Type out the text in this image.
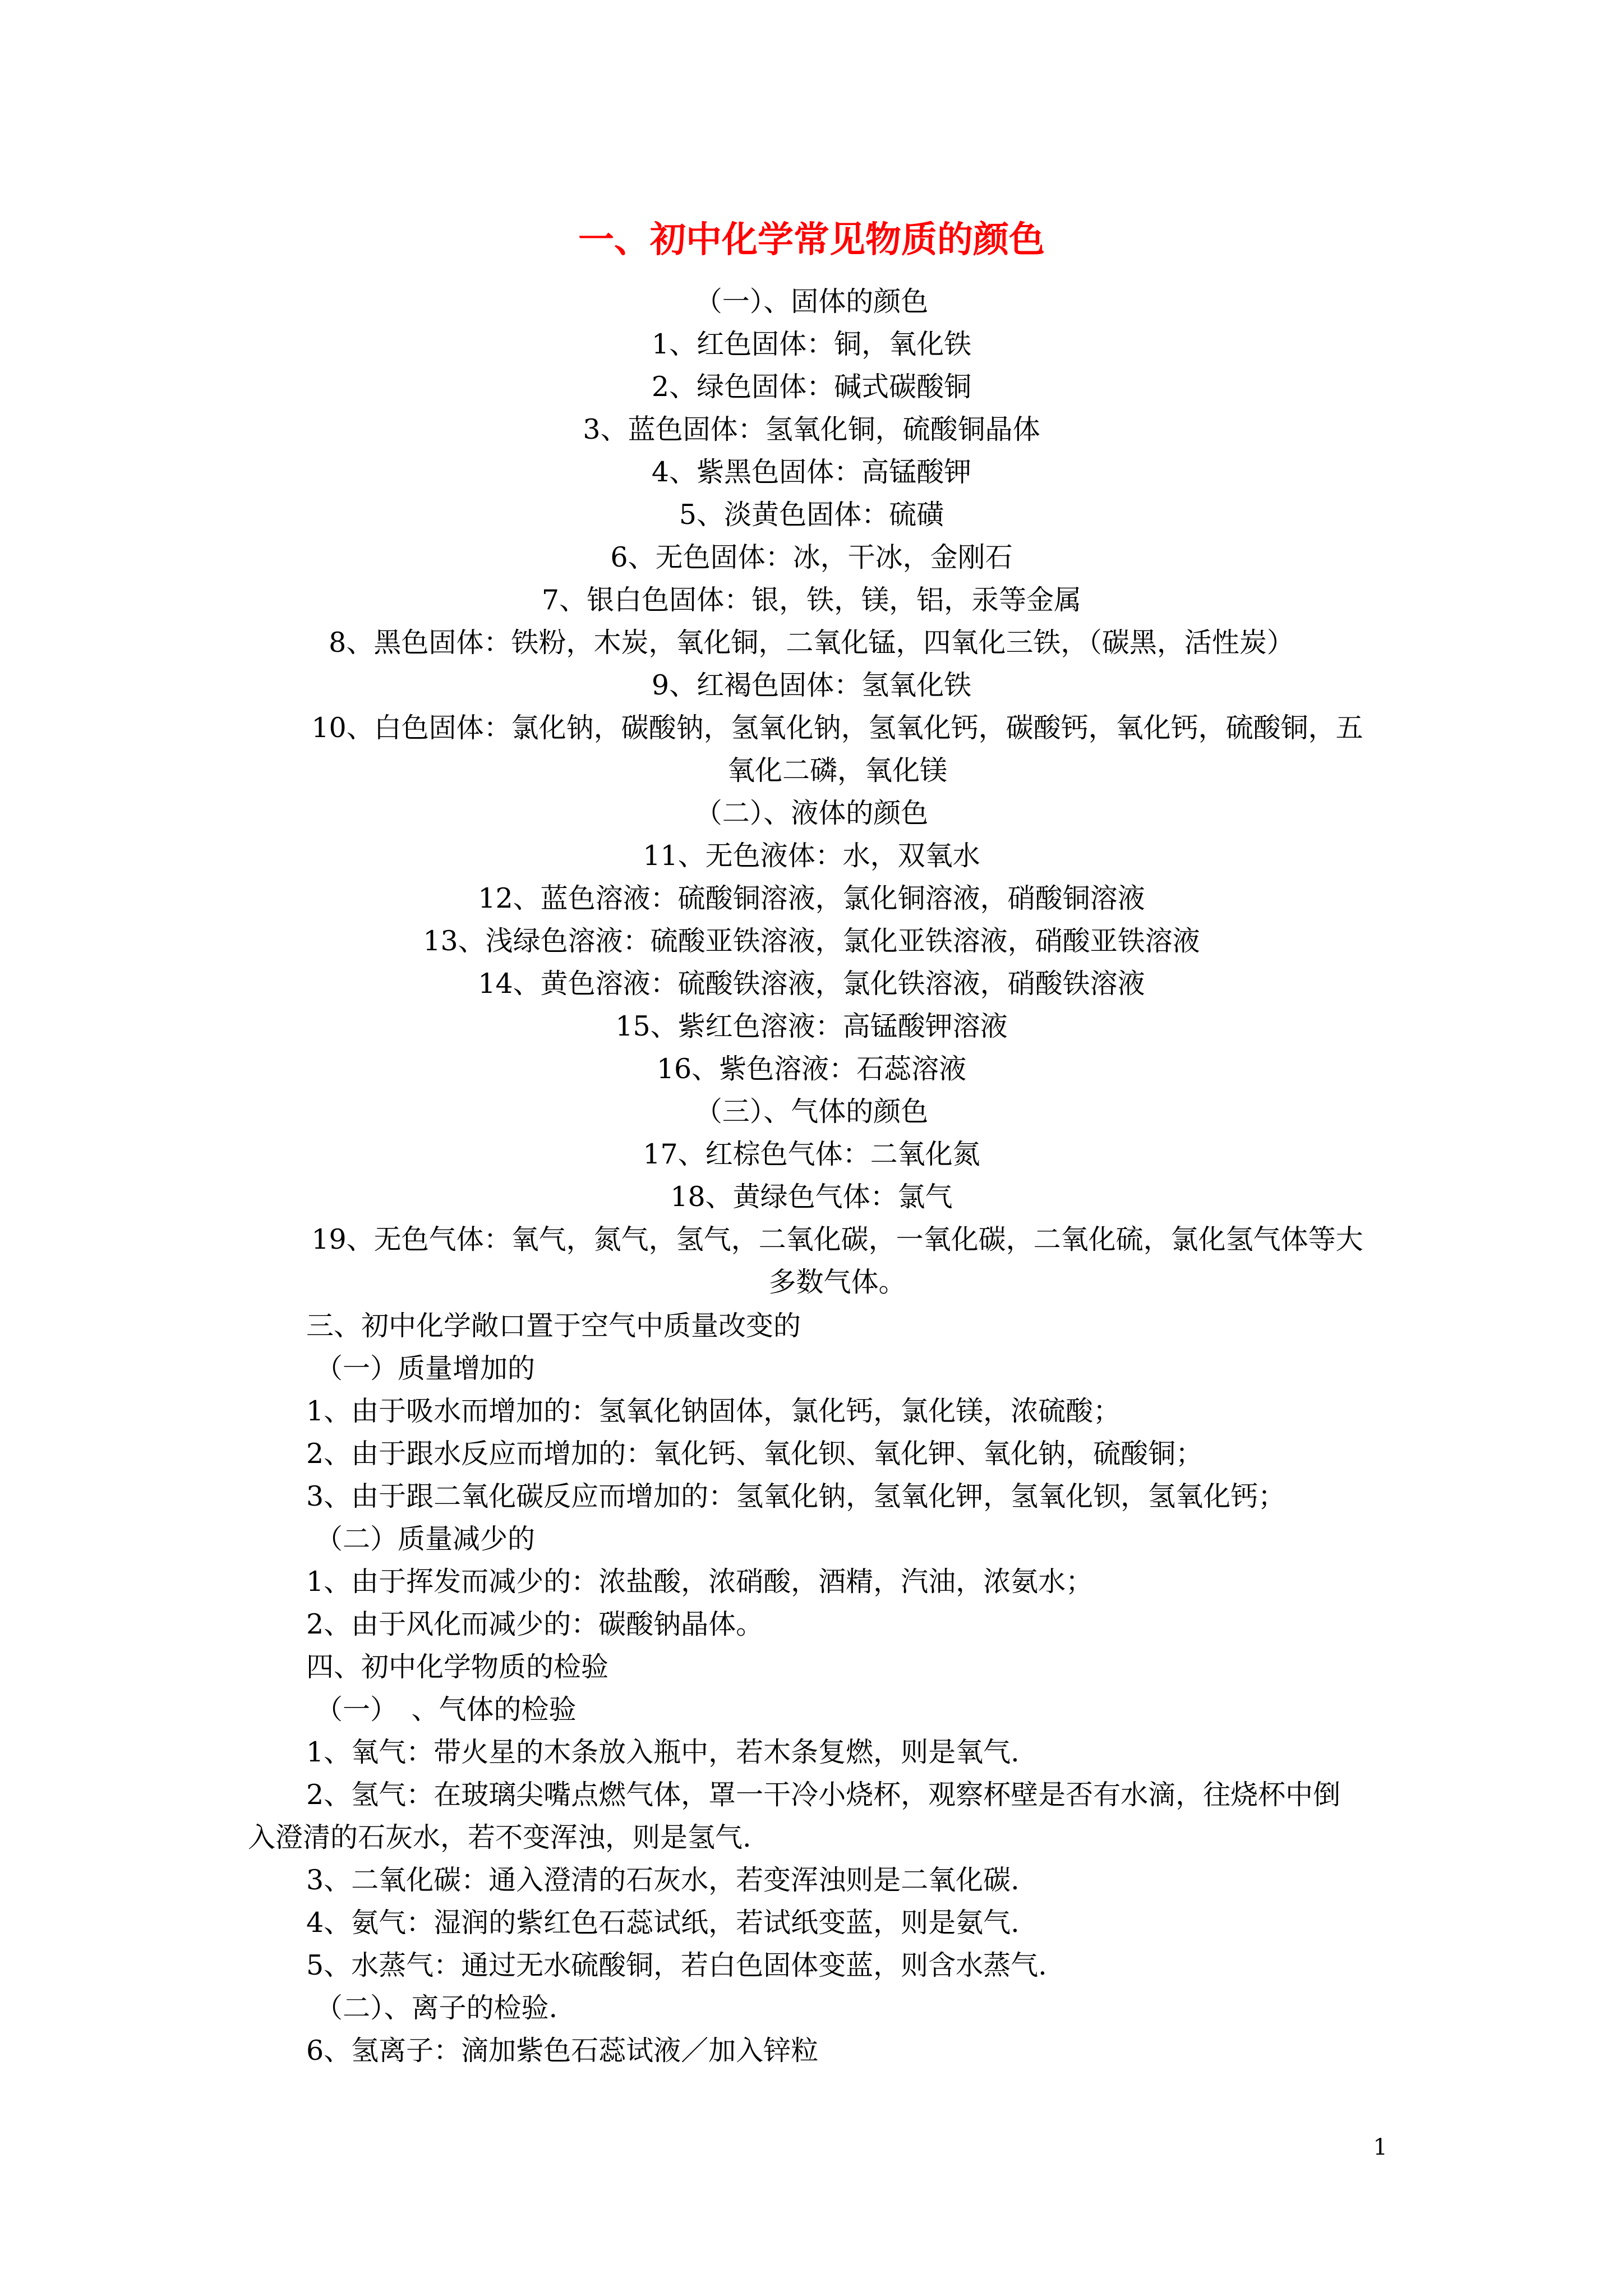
一、初中化学常见物质的颜色
（一）、固体的颜色
1、红色固体：铜，氧化铁
2、绿色固体：碱式碳酸铜
3、蓝色固体：氢氧化铜，硫酸铜晶体
4、紫黑色固体：高锰酸钾
5、淡黄色固体：硫磺
6、无色固体：冰，干冰，金刚石
7、银白色固体：银，铁，镁，铝，汞等金属
8、黑色固体：铁粉，木炭，氧化铜，二氧化锰，四氧化三铁，（碳黑，活性炭）
9、红褐色固体：氢氧化铁
10、白色固体：氯化钠，碳酸钠，氢氧化钠，氢氧化钙，碳酸钙，氧化钙，硫酸铜，五
氧化二磷，氧化镁
（二）、液体的颜色
11、无色液体：水，双氧水
12、蓝色溶液：硫酸铜溶液，氯化铜溶液，硝酸铜溶液
13、浅绿色溶液：硫酸亚铁溶液，氯化亚铁溶液，硝酸亚铁溶液
14、黄色溶液：硫酸铁溶液，氯化铁溶液，硝酸铁溶液
15、紫红色溶液：高锰酸钾溶液
16、紫色溶液：石蕊溶液
（三）、气体的颜色
17、红棕色气体：二氧化氮
18、黄绿色气体：氯气
19、无色气体：氧气，氮气，氢气，二氧化碳，一氧化碳，二氧化硫，氯化氢气体等大
多数气体。
三、初中化学敞口置于空气中质量改变的
（一）质量增加的
1、由于吸水而增加的：氢氧化钠固体，氯化钙，氯化镁，浓硫酸；
2、由于跟水反应而增加的：氧化钙、氧化钡、氧化钾、氧化钠，硫酸铜；
3、由于跟二氧化碳反应而增加的：氢氧化钠，氢氧化钾，氢氧化钡，氢氧化钙；
（二）质量减少的
1、由于挥发而减少的：浓盐酸，浓硝酸，酒精，汽油，浓氨水；
2、由于风化而减少的：碳酸钠晶体。
四、初中化学物质的检验
（一）　、气体的检验
1、氧气：带火星的木条放入瓶中，若木条复燃，则是氧气.
2、氢气：在玻璃尖嘴点燃气体，罩一干冷小烧杯，观察杯壁是否有水滴，往烧杯中倒
入澄清的石灰水，若不变浑浊，则是氢气.
3、二氧化碳：通入澄清的石灰水，若变浑浊则是二氧化碳.
4、氨气：湿润的紫红色石蕊试纸，若试纸变蓝，则是氨气.
5、水蒸气：通过无水硫酸铜，若白色固体变蓝，则含水蒸气.
（二）、离子的检验.
6、氢离子：滴加紫色石蕊试液／加入锌粒
1
